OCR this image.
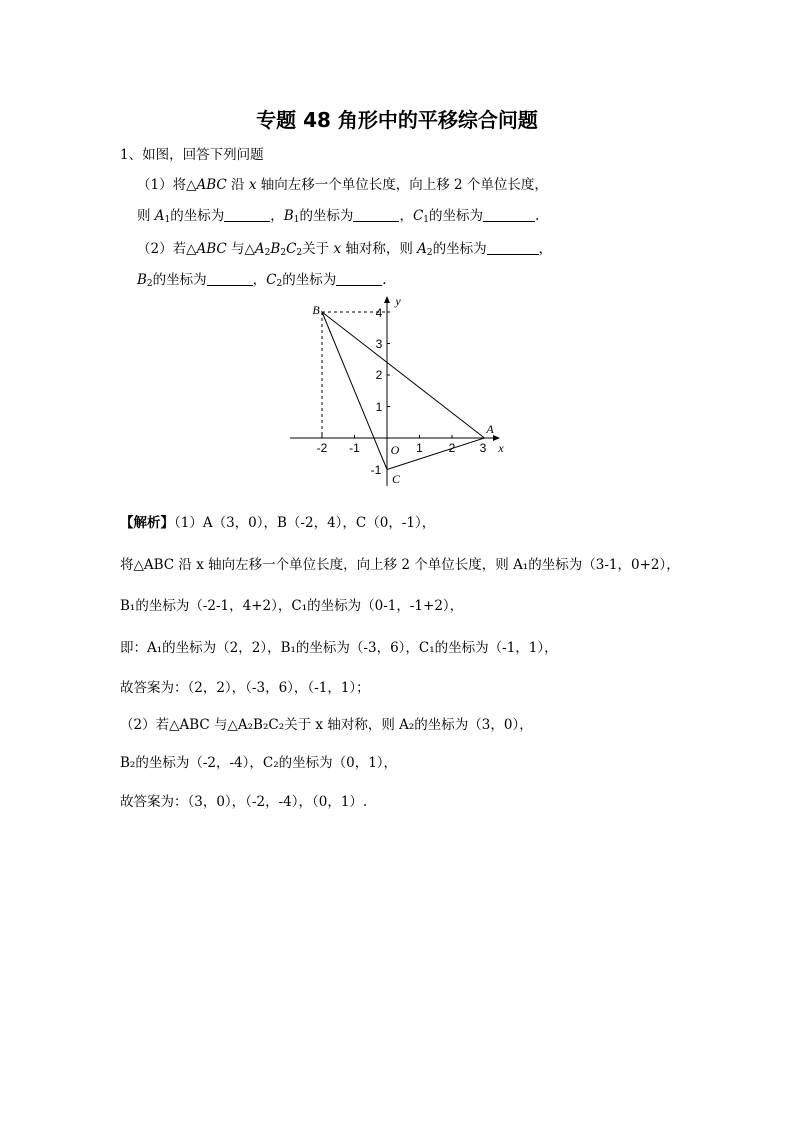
专题 48 角形中的平移综合问题
1、如图，回答下列问题
（1）将△ABC 沿 x 轴向左移一个单位长度，向上移 2 个单位长度，
则 $A_1$的坐标为	，$B_1$的坐标为	，$C_1$的坐标为	.
（2）若△ABC 与$\triangle A_2B_2C_2$关于 x 轴对称，则 $A_2$的坐标为	，
$B_2$的坐标为	，$C_2$的坐标为	.
-2 -1	1 2 3
1
2
3
4
-1
O	x
y
A
B
C
【解析】（1）A（3，0），B（-2，4），C（0，-1），
将△ABC 沿 x 轴向左移一个单位长度，向上移 2 个单位长度，则 A₁的坐标为（3-1，0+2），
B₁的坐标为（-2-1，4+2），C₁的坐标为（0-1，-1+2），
即：A₁的坐标为（2，2），B₁的坐标为（-3，6），C₁的坐标为（-1，1），
故答案为：（2，2），（-3，6），（-1，1）；
（2）若△ABC 与△A₂B₂C₂关于 x 轴对称，则 A₂的坐标为（3，0），
B₂的坐标为（-2，-4），C₂的坐标为（0，1），
故答案为：（3，0），（-2，-4），（0，1）.
